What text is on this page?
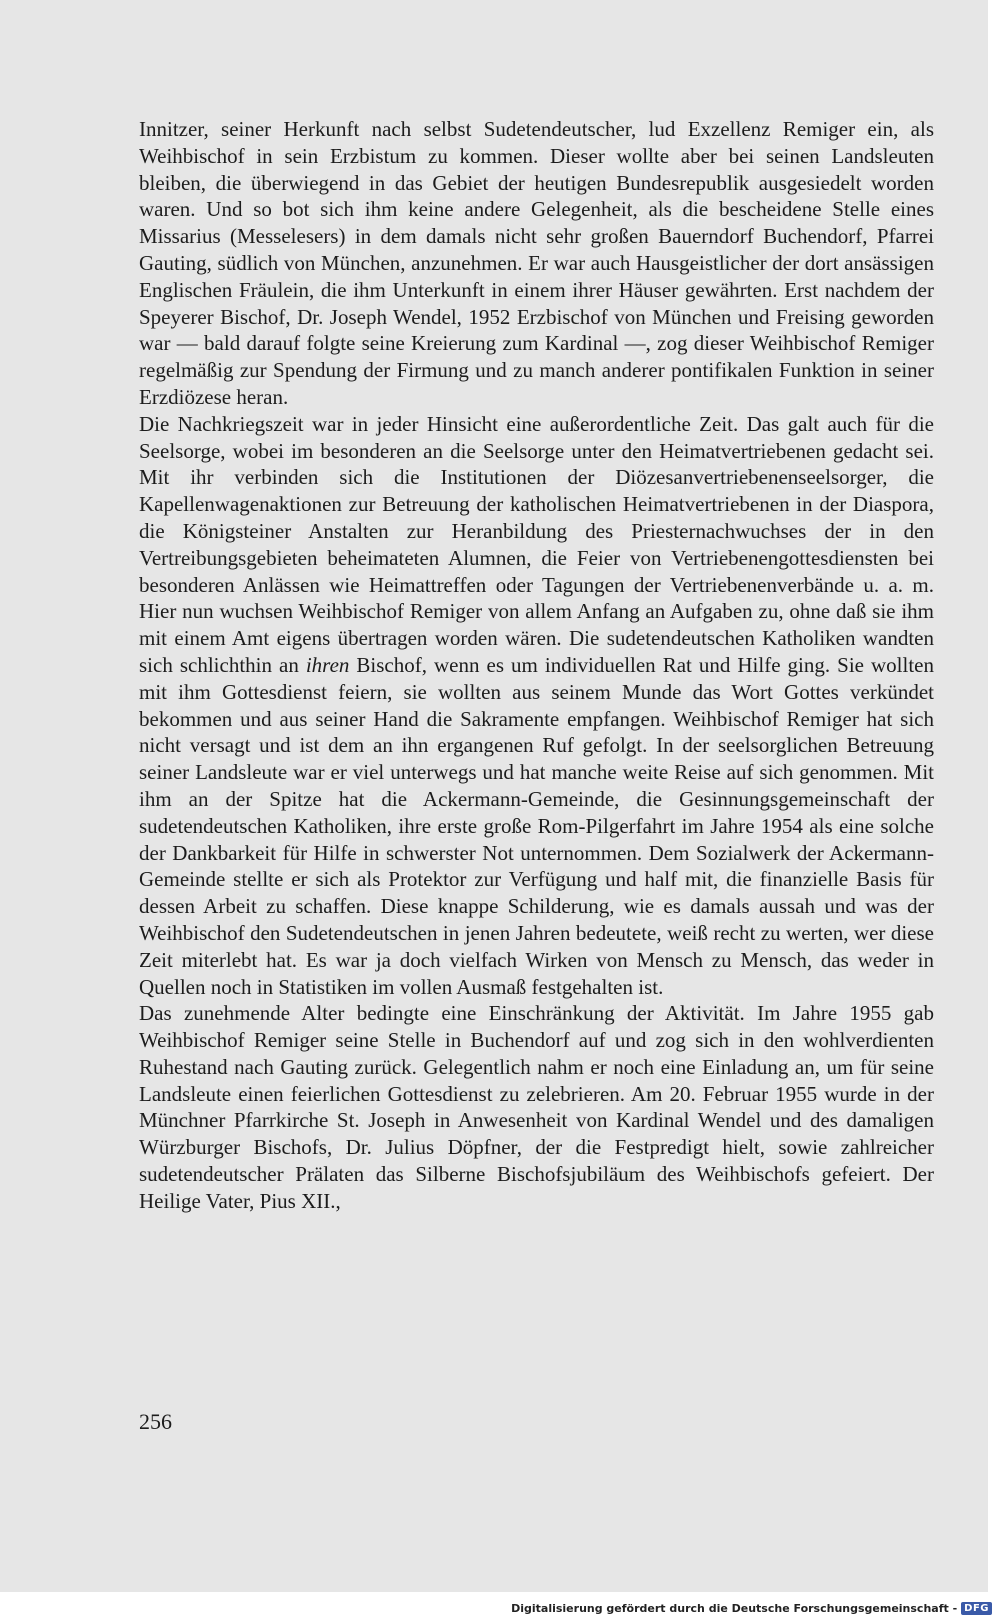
Innitzer, seiner Herkunft nach selbst Sudetendeutscher, lud Exzellenz Remiger ein, als Weihbischof in sein Erzbistum zu kommen. Dieser wollte aber bei seinen Landsleuten bleiben, die überwiegend in das Gebiet der heutigen Bundesrepublik ausgesiedelt worden waren. Und so bot sich ihm keine andere Gelegenheit, als die bescheidene Stelle eines Missarius (Messelesers) in dem damals nicht sehr großen Bauerndorf Buchendorf, Pfarrei Gauting, südlich von München, anzunehmen. Er war auch Hausgeistlicher der dort ansässigen Englischen Fräulein, die ihm Unterkunft in einem ihrer Häuser gewährten. Erst nachdem der Speyerer Bischof, Dr. Joseph Wendel, 1952 Erzbischof von München und Freising geworden war — bald darauf folgte seine Kreierung zum Kardinal —, zog dieser Weihbischof Remiger regelmäßig zur Spendung der Firmung und zu manch anderer pontifikalen Funktion in seiner Erzdiözese heran.

Die Nachkriegszeit war in jeder Hinsicht eine außerordentliche Zeit. Das galt auch für die Seelsorge, wobei im besonderen an die Seelsorge unter den Heimatvertriebenen gedacht sei. Mit ihr verbinden sich die Institutionen der Diözesanvertriebenenseelsorger, die Kapellenwagenaktionen zur Betreuung der katholischen Heimatvertriebenen in der Diaspora, die Königsteiner Anstalten zur Heranbildung des Priesternachwuchses der in den Vertreibungsgebieten beheimateten Alumnen, die Feier von Vertriebenengottesdiensten bei besonderen Anlässen wie Heimattreffen oder Tagungen der Vertriebenenverbände u. a. m. Hier nun wuchsen Weihbischof Remiger von allem Anfang an Aufgaben zu, ohne daß sie ihm mit einem Amt eigens übertragen worden wären. Die sudetendeutschen Katholiken wandten sich schlichthin an ihren Bischof, wenn es um individuellen Rat und Hilfe ging. Sie wollten mit ihm Gottesdienst feiern, sie wollten aus seinem Munde das Wort Gottes verkündet bekommen und aus seiner Hand die Sakramente empfangen. Weihbischof Remiger hat sich nicht versagt und ist dem an ihn ergangenen Ruf gefolgt. In der seelsorglichen Betreuung seiner Landsleute war er viel unterwegs und hat manche weite Reise auf sich genommen. Mit ihm an der Spitze hat die Ackermann-Gemeinde, die Gesinnungsgemeinschaft der sudetendeutschen Katholiken, ihre erste große Rom-Pilgerfahrt im Jahre 1954 als eine solche der Dankbarkeit für Hilfe in schwerster Not unternommen. Dem Sozialwerk der Ackermann-Gemeinde stellte er sich als Protektor zur Verfügung und half mit, die finanzielle Basis für dessen Arbeit zu schaffen. Diese knappe Schilderung, wie es damals aussah und was der Weihbischof den Sudetendeutschen in jenen Jahren bedeutete, weiß recht zu werten, wer diese Zeit miterlebt hat. Es war ja doch vielfach Wirken von Mensch zu Mensch, das weder in Quellen noch in Statistiken im vollen Ausmaß festgehalten ist.

Das zunehmende Alter bedingte eine Einschränkung der Aktivität. Im Jahre 1955 gab Weihbischof Remiger seine Stelle in Buchendorf auf und zog sich in den wohlverdienten Ruhestand nach Gauting zurück. Gelegentlich nahm er noch eine Einladung an, um für seine Landsleute einen feierlichen Gottesdienst zu zelebrieren. Am 20. Februar 1955 wurde in der Münchner Pfarrkirche St. Joseph in Anwesenheit von Kardinal Wendel und des damaligen Würzburger Bischofs, Dr. Julius Döpfner, der die Festpredigt hielt, sowie zahlreicher sudetendeutscher Prälaten das Silberne Bischofsjubiläum des Weihbischofs gefeiert. Der Heilige Vater, Pius XII.,

256
Digitalisierung gefördert durch die Deutsche Forschungsgemeinschaft - DFG
